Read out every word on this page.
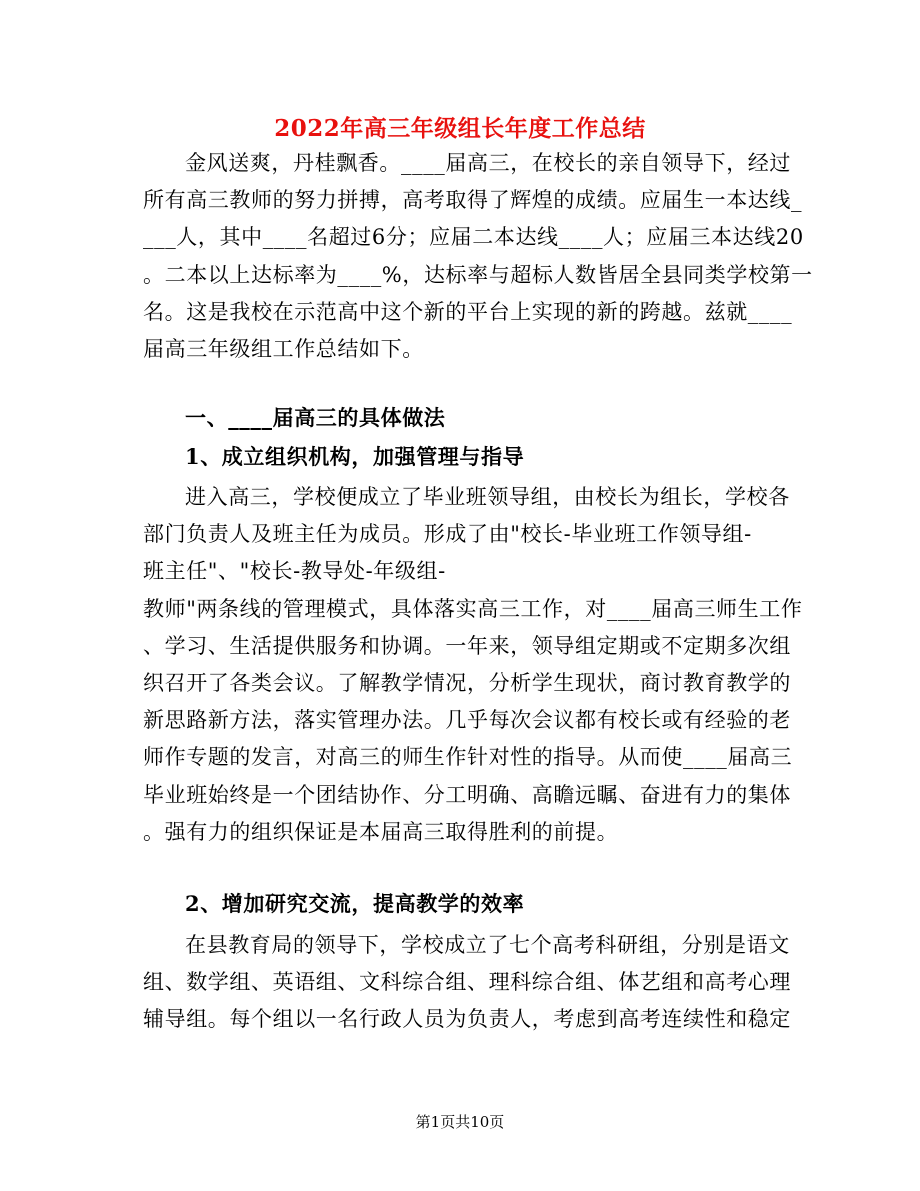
2022年高三年级组长年度工作总结
金风送爽，丹桂飘香。____届高三，在校长的亲自领导下，经过
所有高三教师的努力拼搏，高考取得了辉煌的成绩。应届生一本达线_
___人，其中____名超过6分；应届二本达线____人；应届三本达线20
。二本以上达标率为____%，达标率与超标人数皆居全县同类学校第一
名。这是我校在示范高中这个新的平台上实现的新的跨越。兹就____
届高三年级组工作总结如下。
一、____届高三的具体做法
1、成立组织机构，加强管理与指导
进入高三，学校便成立了毕业班领导组，由校长为组长，学校各
部门负责人及班主任为成员。形成了由"校长-毕业班工作领导组-
班主任"、"校长-教导处-年级组-
教师"两条线的管理模式，具体落实高三工作，对____届高三师生工作
、学习、生活提供服务和协调。一年来，领导组定期或不定期多次组
织召开了各类会议。了解教学情况，分析学生现状，商讨教育教学的
新思路新方法，落实管理办法。几乎每次会议都有校长或有经验的老
师作专题的发言，对高三的师生作针对性的指导。从而使____届高三
毕业班始终是一个团结协作、分工明确、高瞻远瞩、奋进有力的集体
。强有力的组织保证是本届高三取得胜利的前提。
2、增加研究交流，提高教学的效率
在县教育局的领导下，学校成立了七个高考科研组，分别是语文
组、数学组、英语组、文科综合组、理科综合组、体艺组和高考心理
辅导组。每个组以一名行政人员为负责人，考虑到高考连续性和稳定
第1页共10页
